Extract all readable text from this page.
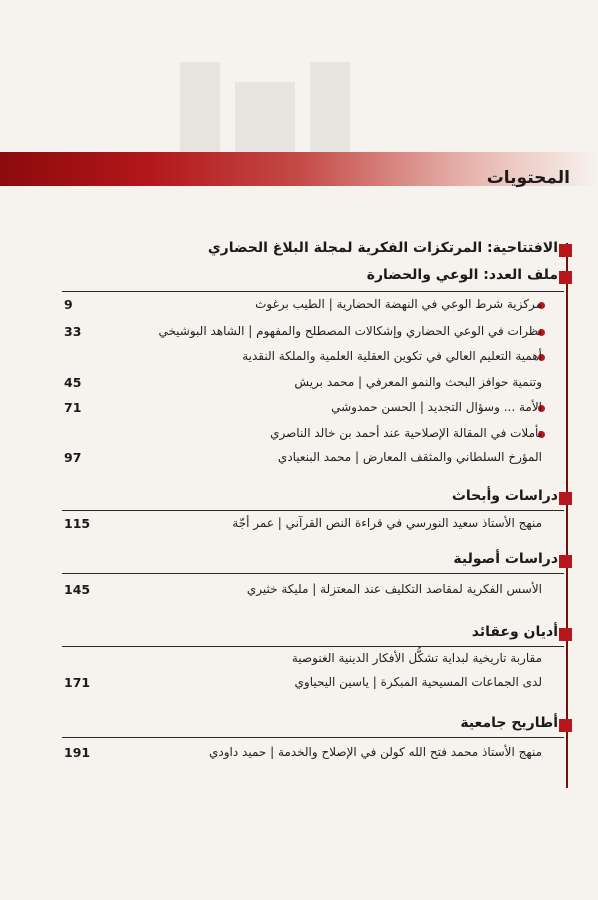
المحتويات
الافتتاحية: المرتكزات الفكرية لمجلة البلاغ الحضاري
ملف العدد: الوعي والحضارة
مركزية شرط الوعي في النهضة الحضارية | الطيب برغوث
9
نظرات في الوعي الحضاري وإشكالات المصطلح والمفهوم | الشاهد البوشيخي
33
أهمية التعليم العالي في تكوين العقلية العلمية والملكة النقدية
وتنمية حوافز البحث والنمو المعرفي | محمد بريش
45
الأمة ... وسؤال التجديد | الحسن حمدوشي
71
تأملات في المقالة الإصلاحية عند أحمد بن خالد الناصري
المؤرخ السلطاني والمثقف المعارض | محمد البنعيادي
97
دراسات وأبحاث
منهج الأستاذ سعيد النورسي في قراءة النص القرآني | عمر أجّة
115
دراسات أصولية
الأسس الفكرية لمقاصد التكليف عند المعتزلة | مليكة خثيري
145
أديان وعقائد
مقاربة تاريخية لبداية تشكُّل الأفكار الدينية الغنوصية
لدى الجماعات المسيحية المبكرة | ياسين اليحياوي
171
أطاريح جامعية
منهج الأستاذ محمد فتح الله كولن في الإصلاح والخدمة | حميد داودي
191
